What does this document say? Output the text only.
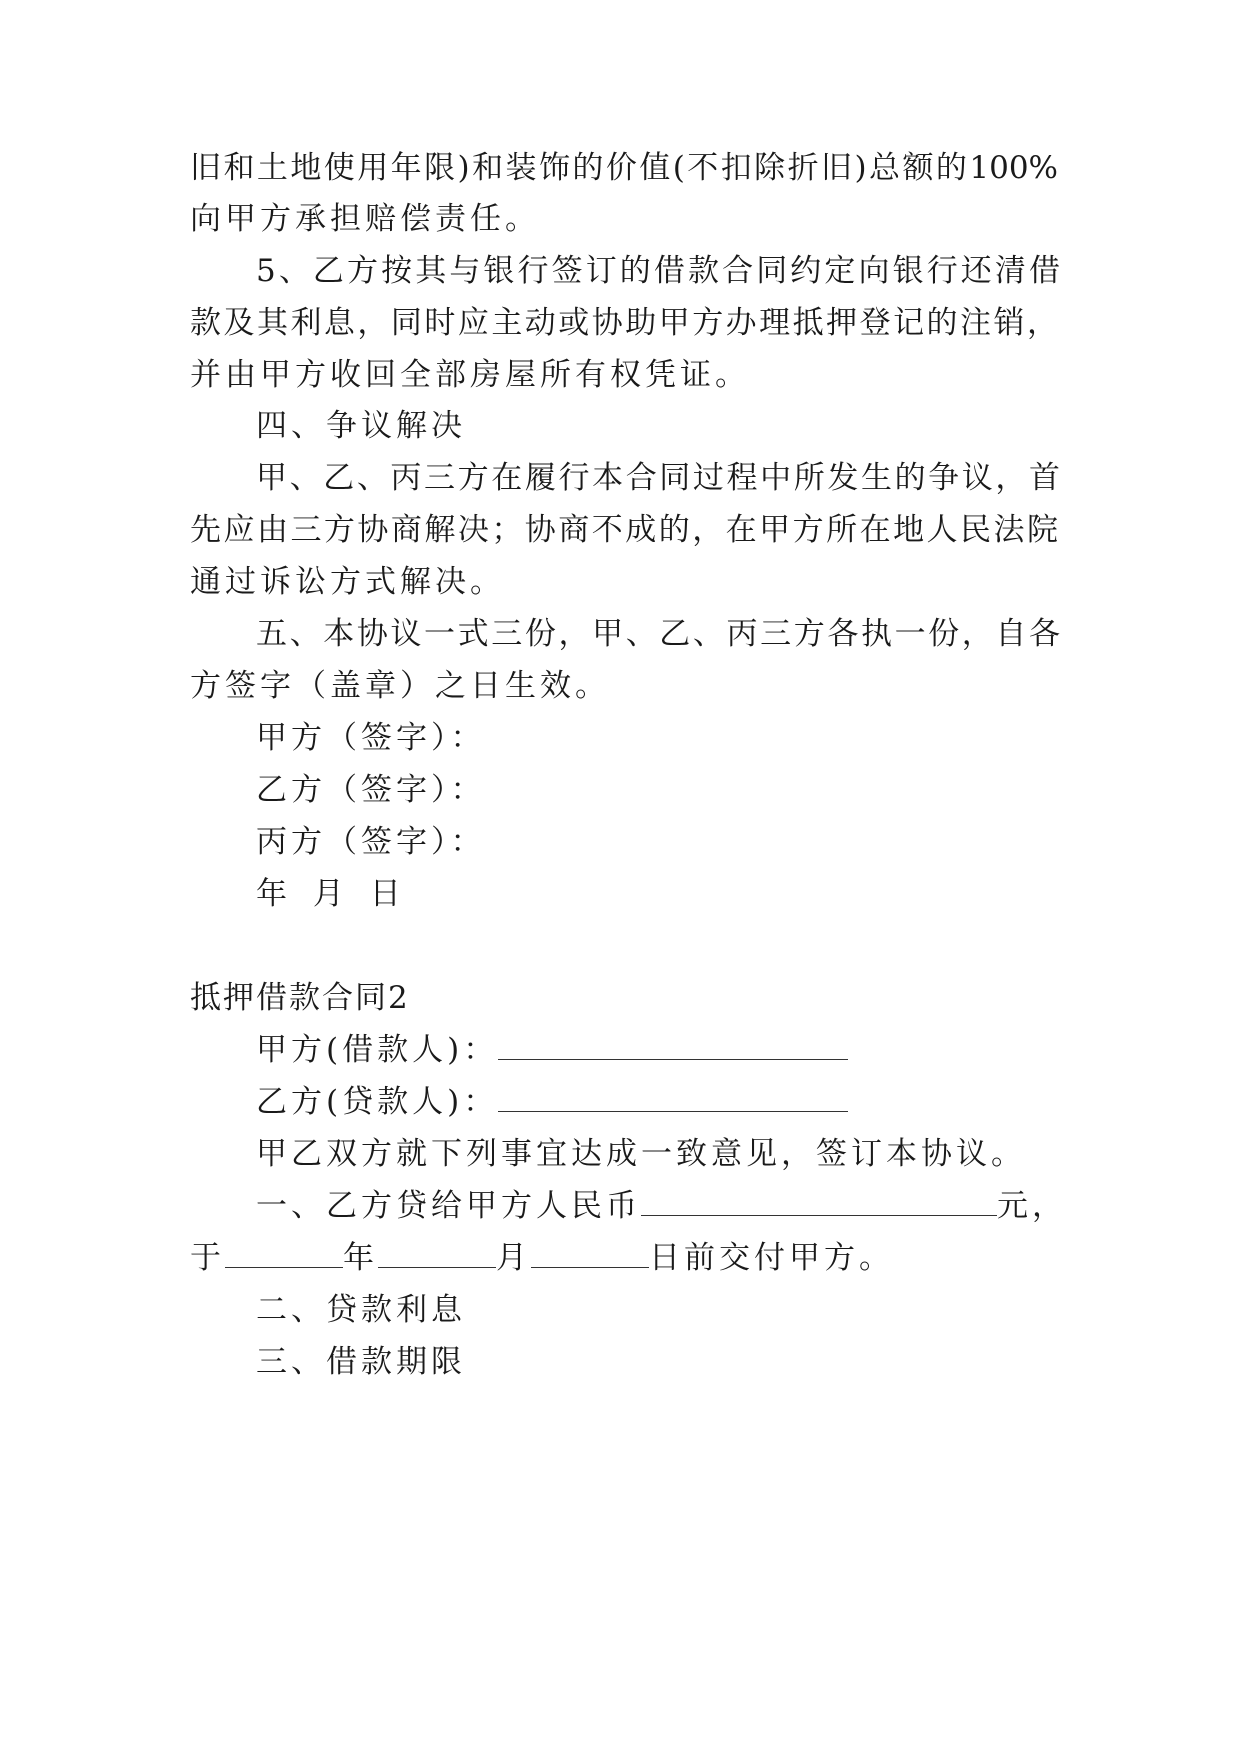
旧和土地使用年限)和装饰的价值(不扣除折旧)总额的100%
向甲方承担赔偿责任。
5、乙方按其与银行签订的借款合同约定向银行还清借
款及其利息，同时应主动或协助甲方办理抵押登记的注销，
并由甲方收回全部房屋所有权凭证。
四、争议解决
甲、乙、丙三方在履行本合同过程中所发生的争议，首
先应由三方协商解决；协商不成的，在甲方所在地人民法院
通过诉讼方式解决。
五、本协议一式三份，甲、乙、丙三方各执一份，自各
方签字（盖章）之日生效。
甲方（签字）：
乙方（签字）：
丙方（签字）：
年 月 日
抵押借款合同2
甲方(借款人)：
乙方(贷款人)：
甲乙双方就下列事宜达成一致意见，签订本协议。
一、乙方贷给甲方人民币	元，
于	年	月	日前交付甲方。
二、贷款利息
三、借款期限
